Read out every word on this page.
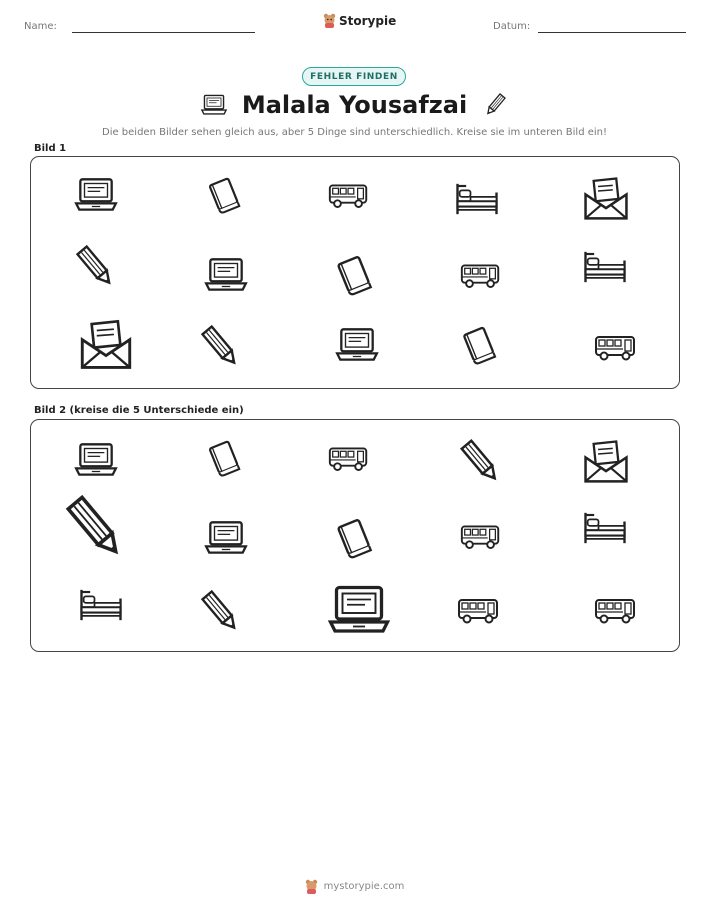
Name:	Storypie	Datum:
FEHLER FINDEN
Malala Yousafzai
Die beiden Bilder sehen gleich aus, aber 5 Dinge sind unterschiedlich. Kreise sie im unteren Bild ein!
Bild 1
Bild 2 (kreise die 5 Unterschiede ein)
mystorypie.com
